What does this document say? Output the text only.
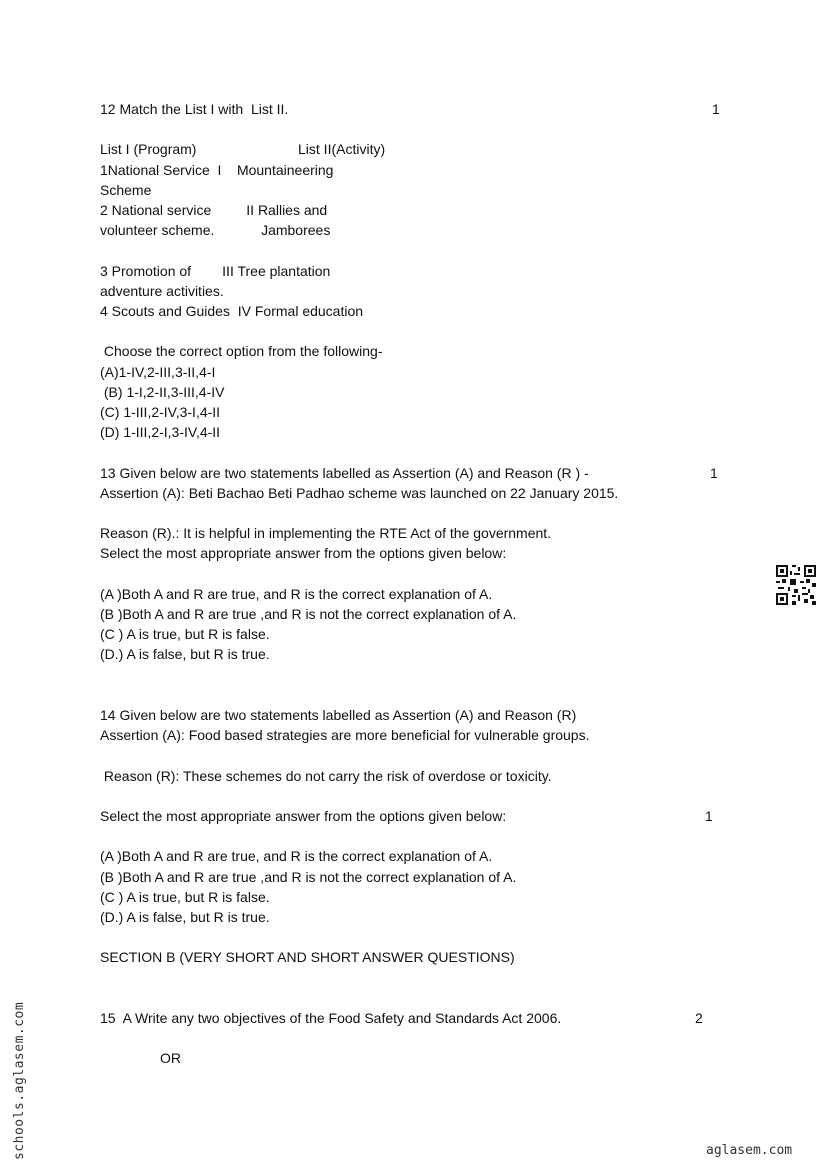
12 Match the List I with  List II.	1
List I (Program)	List II(Activity)
1National Service  I    Mountaineering
Scheme
2 National service         II Rallies and
volunteer scheme.            Jamborees
3 Promotion of        III Tree plantation
adventure activities.
4 Scouts and Guides  IV Formal education
Choose the correct option from the following-
(A)1-IV,2-III,3-II,4-I
(B) 1-I,2-II,3-III,4-IV
(C) 1-III,2-IV,3-I,4-II
(D) 1-III,2-I,3-IV,4-II
13 Given below are two statements labelled as Assertion (A) and Reason (R ) -	1
Assertion (A): Beti Bachao Beti Padhao scheme was launched on 22 January 2015.
Reason (R).: It is helpful in implementing the RTE Act of the government.
Select the most appropriate answer from the options given below:
(A )Both A and R are true, and R is the correct explanation of A.
(B )Both A and R are true ,and R is not the correct explanation of A.
(C ) A is true, but R is false.
(D.) A is false, but R is true.
14 Given below are two statements labelled as Assertion (A) and Reason (R)
Assertion (A): Food based strategies are more beneficial for vulnerable groups.
Reason (R): These schemes do not carry the risk of overdose or toxicity.
Select the most appropriate answer from the options given below:	1
(A )Both A and R are true, and R is the correct explanation of A.
(B )Both A and R are true ,and R is not the correct explanation of A.
(C ) A is true, but R is false.
(D.) A is false, but R is true.
SECTION B (VERY SHORT AND SHORT ANSWER QUESTIONS)
15  A Write any two objectives of the Food Safety and Standards Act 2006.	2
OR
schools.aglasem.com	aglasem.com
